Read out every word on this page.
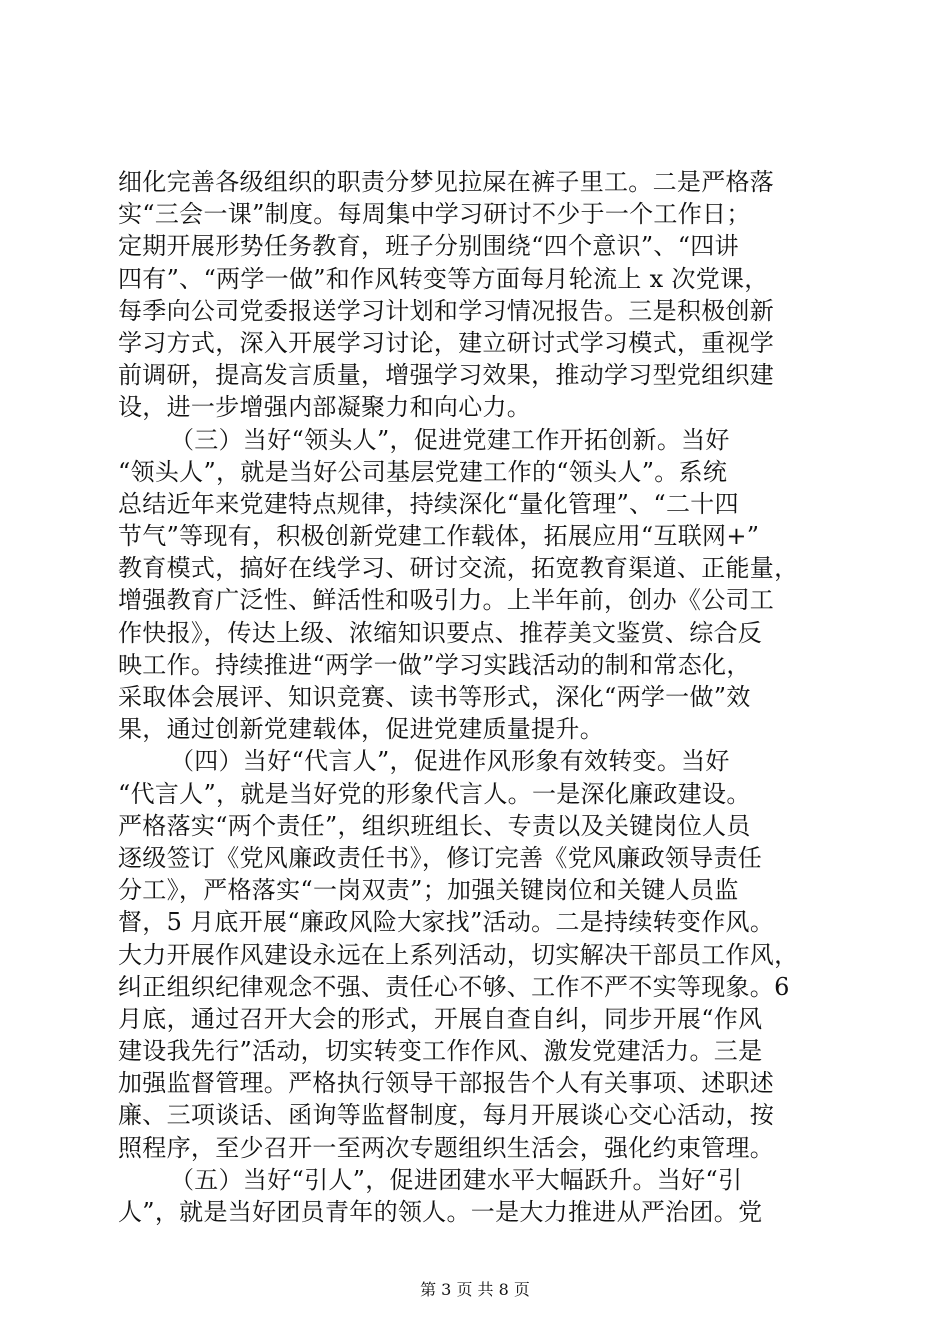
细化完善各级组织的职责分梦见拉屎在裤子里工。二是严格落
实“三会一课”制度。每周集中学习研讨不少于一个工作日；
定期开展形势任务教育，班子分别围绕“四个意识”、“四讲
四有”、“两学一做”和作风转变等方面每月轮流上 x 次党课，
每季向公司党委报送学习计划和学习情况报告。三是积极创新
学习方式，深入开展学习讨论，建立研讨式学习模式，重视学
前调研，提高发言质量，增强学习效果，推动学习型党组织建
设，进一步增强内部凝聚力和向心力。
（三）当好“领头人”，促进党建工作开拓创新。当好
“领头人”，就是当好公司基层党建工作的“领头人”。系统
总结近年来党建特点规律，持续深化“量化管理”、“二十四
节气”等现有，积极创新党建工作载体，拓展应用“互联网+”
教育模式，搞好在线学习、研讨交流，拓宽教育渠道、正能量，
增强教育广泛性、鲜活性和吸引力。上半年前，创办《公司工
作快报》，传达上级、浓缩知识要点、推荐美文鉴赏、综合反
映工作。持续推进“两学一做”学习实践活动的制和常态化，
采取体会展评、知识竞赛、读书等形式，深化“两学一做”效
果，通过创新党建载体，促进党建质量提升。
（四）当好“代言人”，促进作风形象有效转变。当好
“代言人”，就是当好党的形象代言人。一是深化廉政建设。
严格落实“两个责任”，组织班组长、专责以及关键岗位人员
逐级签订《党风廉政责任书》，修订完善《党风廉政领导责任
分工》，严格落实“一岗双责”；加强关键岗位和关键人员监
督，5 月底开展“廉政风险大家找”活动。二是持续转变作风。
大力开展作风建设永远在上系列活动，切实解决干部员工作风，
纠正组织纪律观念不强、责任心不够、工作不严不实等现象。6
月底，通过召开大会的形式，开展自查自纠，同步开展“作风
建设我先行”活动，切实转变工作作风、激发党建活力。三是
加强监督管理。严格执行领导干部报告个人有关事项、述职述
廉、三项谈话、函询等监督制度，每月开展谈心交心活动，按
照程序，至少召开一至两次专题组织生活会，强化约束管理。
（五）当好“引人”，促进团建水平大幅跃升。当好“引
人”，就是当好团员青年的领人。一是大力推进从严治团。党
第 3 页 共 8 页
